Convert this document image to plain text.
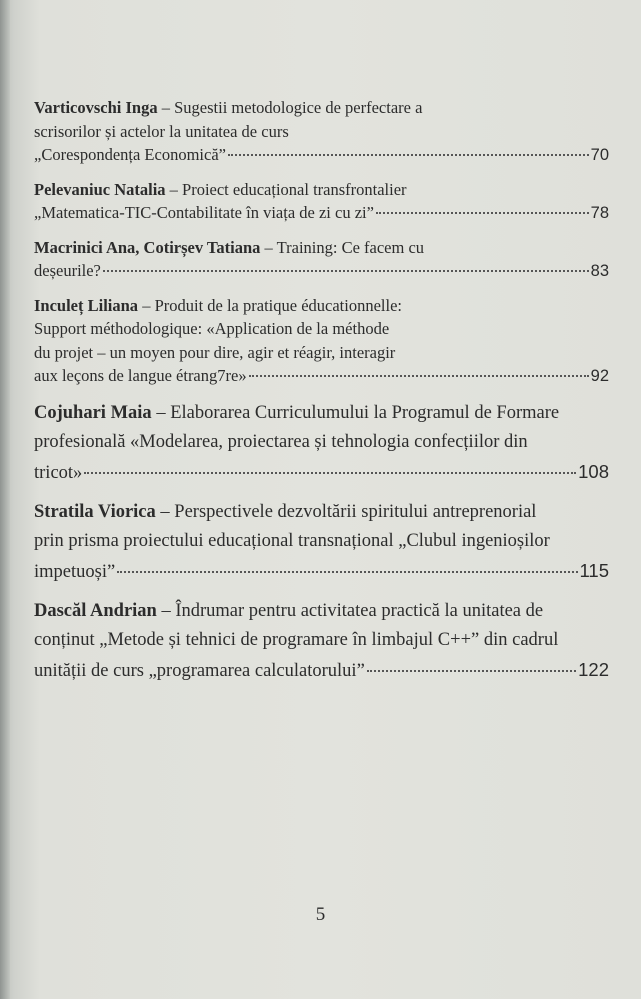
Varticovschi Inga – Sugestii metodologice de perfectare a
scrisorilor și actelor la unitatea de curs
„Corespondența Economică”	70
Pelevaniuc Natalia – Proiect educațional transfrontalier
„Matematica-TIC-Contabilitate în viața de zi cu zi”	78
Macrinici Ana, Cotirșev Tatiana – Training: Ce facem cu
deșeurile?	83
Inculeț Liliana – Produit de la pratique éducationnelle:
Support méthodologique: «Application de la méthode
du projet – un moyen pour dire, agir et réagir, interagir
aux leçons de langue étrang7re»	92
Cojuhari Maia – Elaborarea Curriculumului la Programul de Formare
profesională «Modelarea, proiectarea și tehnologia confecțiilor din
tricot»	108
Stratila Viorica – Perspectivele dezvoltării spiritului antreprenorial
prin prisma proiectului educațional transnațional „Clubul ingenioșilor
impetuoși”	115
Dascăl Andrian – Îndrumar pentru activitatea practică la unitatea de
conținut „Metode și tehnici de programare în limbajul C++” din cadrul
unității de curs „programarea calculatorului”	122
5
